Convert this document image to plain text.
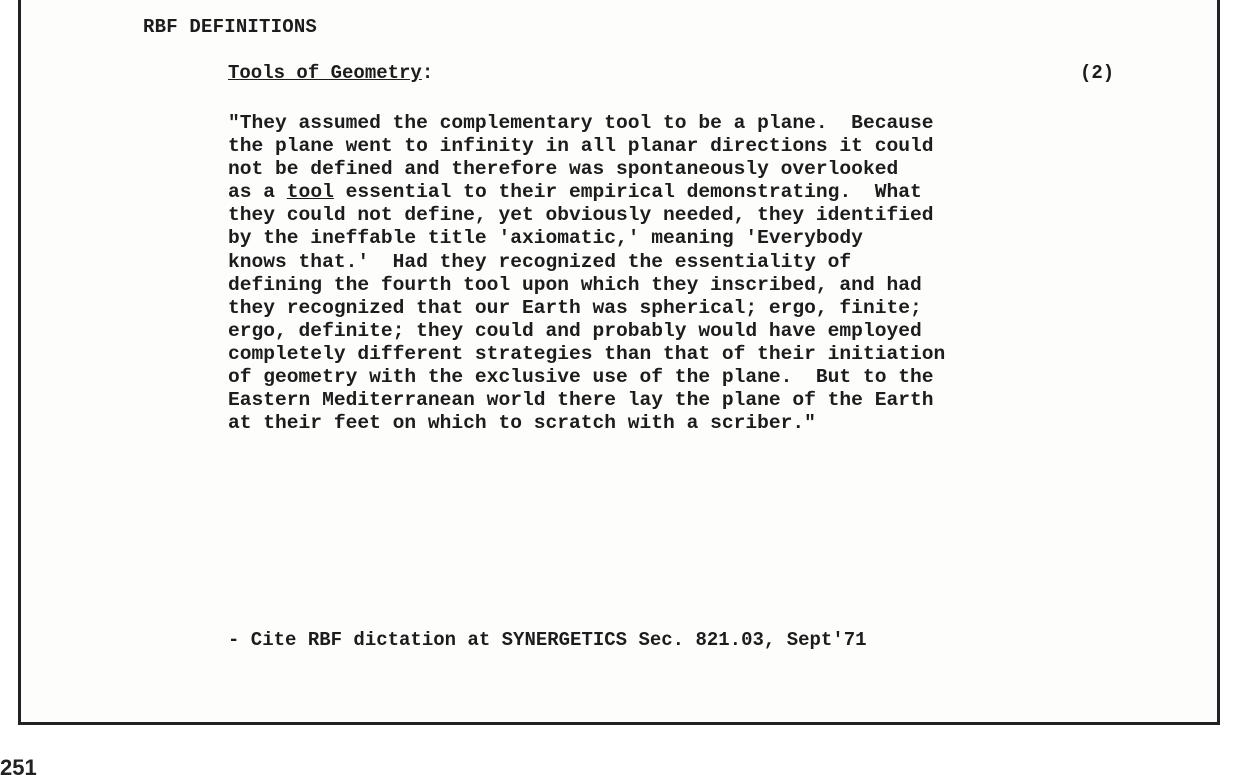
RBF DEFINITIONS
Tools of Geometry:	(2)
"They assumed the complementary tool to be a plane.  Because
the plane went to infinity in all planar directions it could
not be defined and therefore was spontaneously overlooked
as a tool essential to their empirical demonstrating.  What
they could not define, yet obviously needed, they identified
by the ineffable title 'axiomatic,' meaning 'Everybody
knows that.'  Had they recognized the essentiality of
defining the fourth tool upon which they inscribed, and had
they recognized that our Earth was spherical; ergo, finite;
ergo, definite; they could and probably would have employed
completely different strategies than that of their initiation
of geometry with the exclusive use of the plane.  But to the
Eastern Mediterranean world there lay the plane of the Earth
at their feet on which to scratch with a scriber."
- Cite RBF dictation at SYNERGETICS Sec. 821.03, Sept'71
251
